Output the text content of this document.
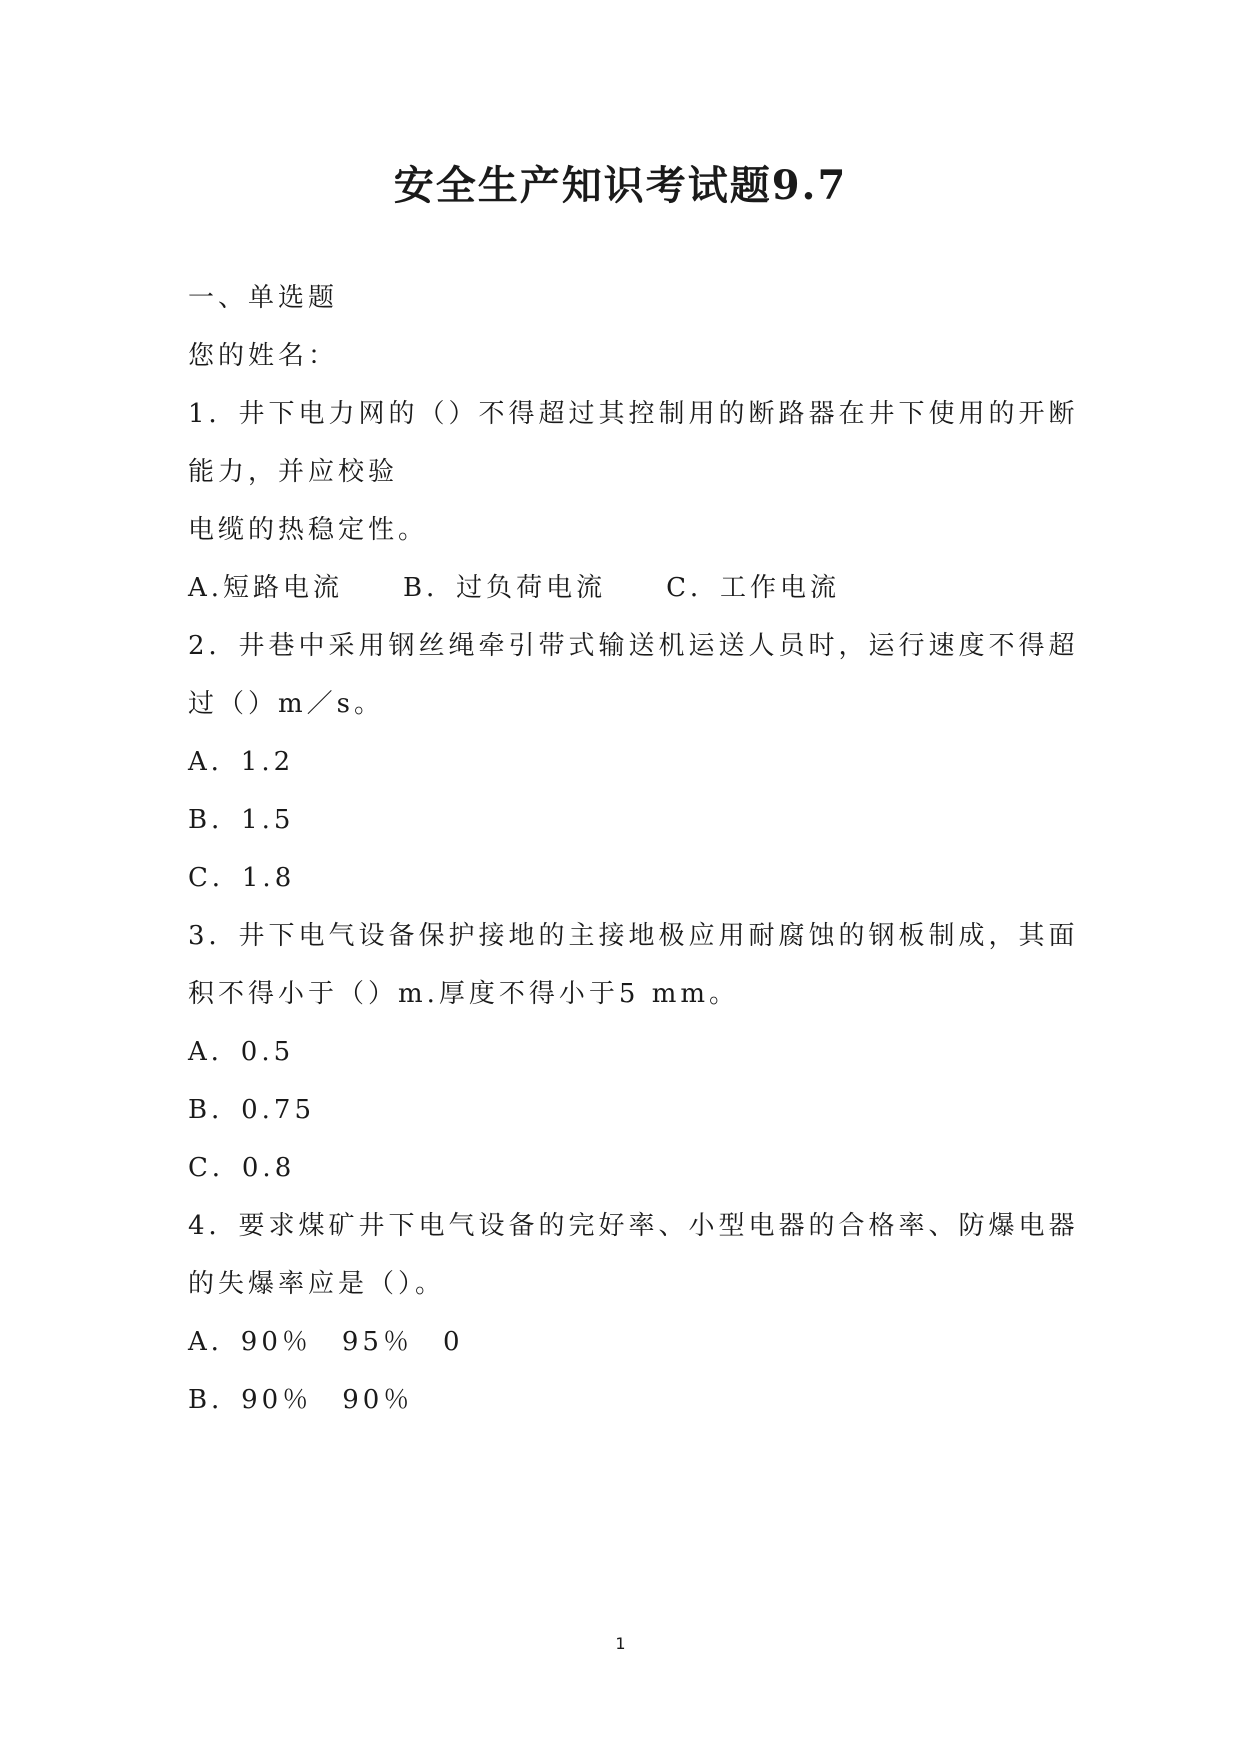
安全生产知识考试题9.7
一、单选题
您的姓名：
1．井下电力网的（）不得超过其控制用的断路器在井下使用的开断
能力，并应校验
电缆的热稳定性。
A.短路电流　　B．过负荷电流　　C．工作电流
2．井巷中采用钢丝绳牵引带式输送机运送人员时，运行速度不得超
过（）m／s。
A．1.2
B．1.5
C．1.8
3．井下电气设备保护接地的主接地极应用耐腐蚀的钢板制成，其面
积不得小于（）m.厚度不得小于5 mm。
A．0.5
B．0.75
C．0.8
4．要求煤矿井下电气设备的完好率、小型电器的合格率、防爆电器
的失爆率应是（）。
A．90％　95％　0
B．90％　90％
1
